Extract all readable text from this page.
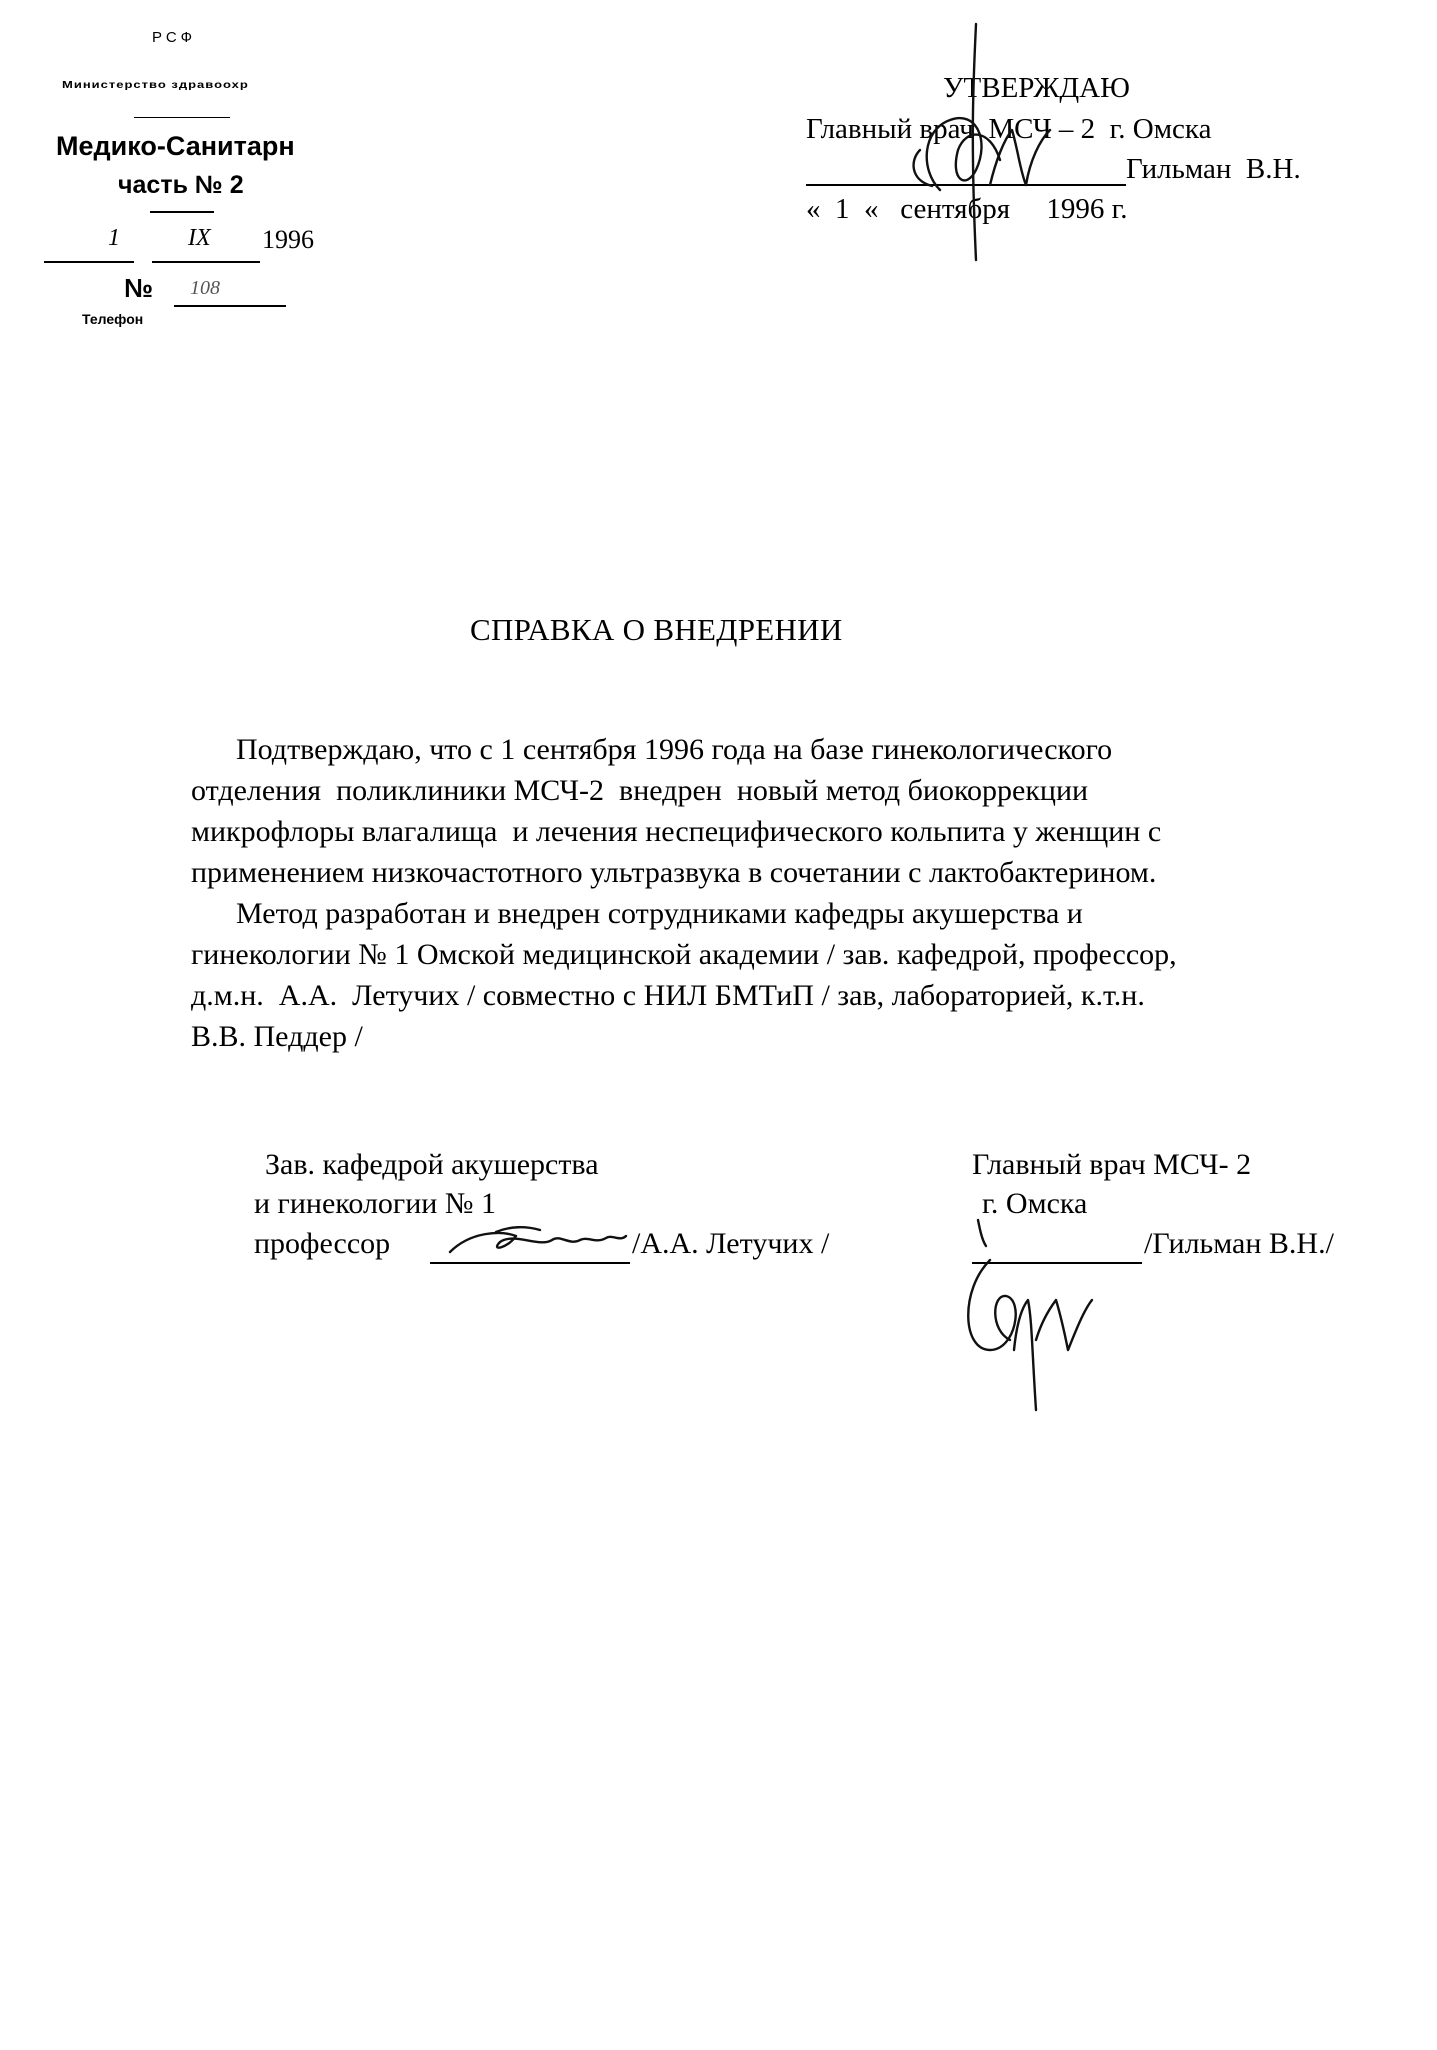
РСФ
Министерство здравоохр
Медико-Санитарн
часть № 2
1	IX 1996
№ 108
Телефон
УТВЕРЖДАЮ
Главный врач  МСЧ – 2  г. Омска
Гильман  В.Н.
«  1  «   сентября     1996 г.
СПРАВКА О ВНЕДРЕНИИ
Подтверждаю, что с 1 сентября 1996 года на базе гинекологического
отделения  поликлиники МСЧ-2  внедрен  новый метод биокоррекции
микрофлоры влагалища  и лечения неспецифического кольпита у женщин с
применением низкочастотного ультразвука в сочетании с лактобактерином.
Метод разработан и внедрен сотрудниками кафедры акушерства и
гинекологии № 1 Омской медицинской академии / зав. кафедрой, профессор,
д.м.н.  А.А.  Летучих / совместно с НИЛ БМТиП / зав, лабораторией, к.т.н.
В.В. Педдер /
Зав. кафедрой акушерства
и гинекологии № 1
профессор	/А.А. Летучих /
Главный врач МСЧ- 2
г. Омска
/Гильман В.Н./
